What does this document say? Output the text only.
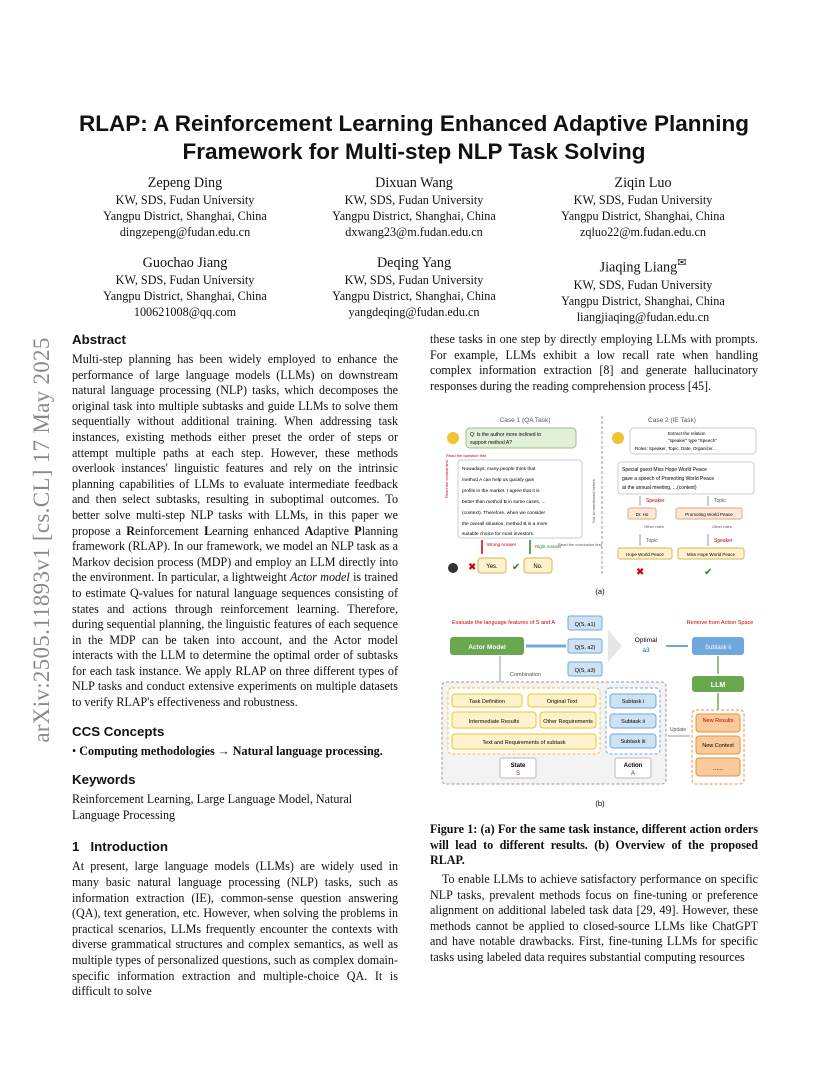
arXiv:2505.11893v1 [cs.CL] 17 May 2025
RLAP: A Reinforcement Learning Enhanced Adaptive Planning Framework for Multi-step NLP Task Solving
Zepeng Ding
KW, SDS, Fudan University
Yangpu District, Shanghai, China
dingzepeng@fudan.edu.cn
Dixuan Wang
KW, SDS, Fudan University
Yangpu District, Shanghai, China
dxwang23@m.fudan.edu.cn
Ziqin Luo
KW, SDS, Fudan University
Yangpu District, Shanghai, China
zqluo22@m.fudan.edu.cn
Guochao Jiang
KW, SDS, Fudan University
Yangpu District, Shanghai, China
100621008@qq.com
Deqing Yang
KW, SDS, Fudan University
Yangpu District, Shanghai, China
yangdeqing@fudan.edu.cn
Jiaqing Liang✉
KW, SDS, Fudan University
Yangpu District, Shanghai, China
liangjiaqing@fudan.edu.cn
Abstract

Multi-step planning has been widely employed to enhance the performance of large language models (LLMs) on downstream natural language processing (NLP) tasks, which decomposes the original task into multiple subtasks and guide LLMs to solve them sequentially without additional training. When addressing task instances, existing methods either preset the order of steps or attempt multiple paths at each step. However, these methods overlook instances' linguistic features and rely on the intrinsic planning capabilities of LLMs to evaluate intermediate feedback and then select subtasks, resulting in suboptimal outcomes. To better solve multi-step NLP tasks with LLMs, in this paper we propose a Reinforcement Learning enhanced Adaptive Planning framework (RLAP). In our framework, we model an NLP task as a Markov decision process (MDP) and employ an LLM directly into the environment. In particular, a lightweight Actor model is trained to estimate Q-values for natural language sequences consisting of states and actions through reinforcement learning. Therefore, during sequential planning, the linguistic features of each sequence in the MDP can be taken into account, and the Actor model interacts with the LLM to determine the optimal order of subtasks for each task instance. We apply RLAP on three different types of NLP tasks and conduct extensive experiments on multiple datasets to verify RLAP's effectiveness and robustness.

CCS Concepts

• Computing methodologies → Natural language processing.

Keywords

Reinforcement Learning, Large Language Model, Natural Language Processing

1   Introduction

At present, large language models (LLMs) are widely used in many basic natural language processing (NLP) tasks, such as information extraction (IE), common-sense question answering (QA), text generation, etc. However, when solving the problems in practical scenarios, LLMs frequently encounter the contexts with diverse grammatical structures and complex semantics, as well as multiple types of personalized questions, such as complex domain-specific information extraction and multiple-choice QA. It is difficult to solve

these tasks in one step by directly employing LLMs with prompts. For example, LLMs exhibit a low recall rate when handling complex information extraction [8] and generate hallucinatory responses during the reading comprehension process [45].

Case 1 (QA Task)	Case 2 (IE Task)
Q: Is the author more inclined to
support method A?
Read the question first
Read the context first	Nowadays, many people think that
method A can help us quickly gain
profits in the market. I agree that it is
better than method B in some cases, ...
(context). Therefore, when we consider
the overall situation, method B is a more
suitable choice for most investors.
Not so mentioned before
Wrong Answer	Right Answer
Read the conclusion first
✖ Yes. ✔ No.
Extract the relation
"speaker" type "Speech"
Roles: Speaker, Topic, Date, Organizer...
Special guest Miss Hope World Peace
gave a speech of Promoting World Peace
at the annual meeting, ...(context)
Speaker	Topic
Dr. Ho	Promoting World Peace
Other roles	Other roles
Topic	Speaker
Hope World Peace	Miss Hope World Peace
✖	✔
(a)
Evaluate the language features of S and A
Actor Model
Q(S, a1)
Q(S, a2)
Q(S, a3)
Optimal
a3
Remove from Action Space
Subtask ii
LLM
Combination
Task Definition	Original Text
Intermediate Results	Other Requirements
Text and Requirements of subtask
Subtask i
Subtask ii
Subtask iii
State
S
Action
A
New Results
New Context
......
Update
(b)
Figure 1: (a) For the same task instance, different action orders will lead to different results. (b) Overview of the proposed RLAP.
To enable LLMs to achieve satisfactory performance on specific NLP tasks, prevalent methods focus on fine-tuning or preference alignment on additional labeled task data [29, 49]. However, these methods cannot be applied to closed-source LLMs like ChatGPT and have notable drawbacks. First, fine-tuning LLMs for specific tasks using labeled data requires substantial computing resources
